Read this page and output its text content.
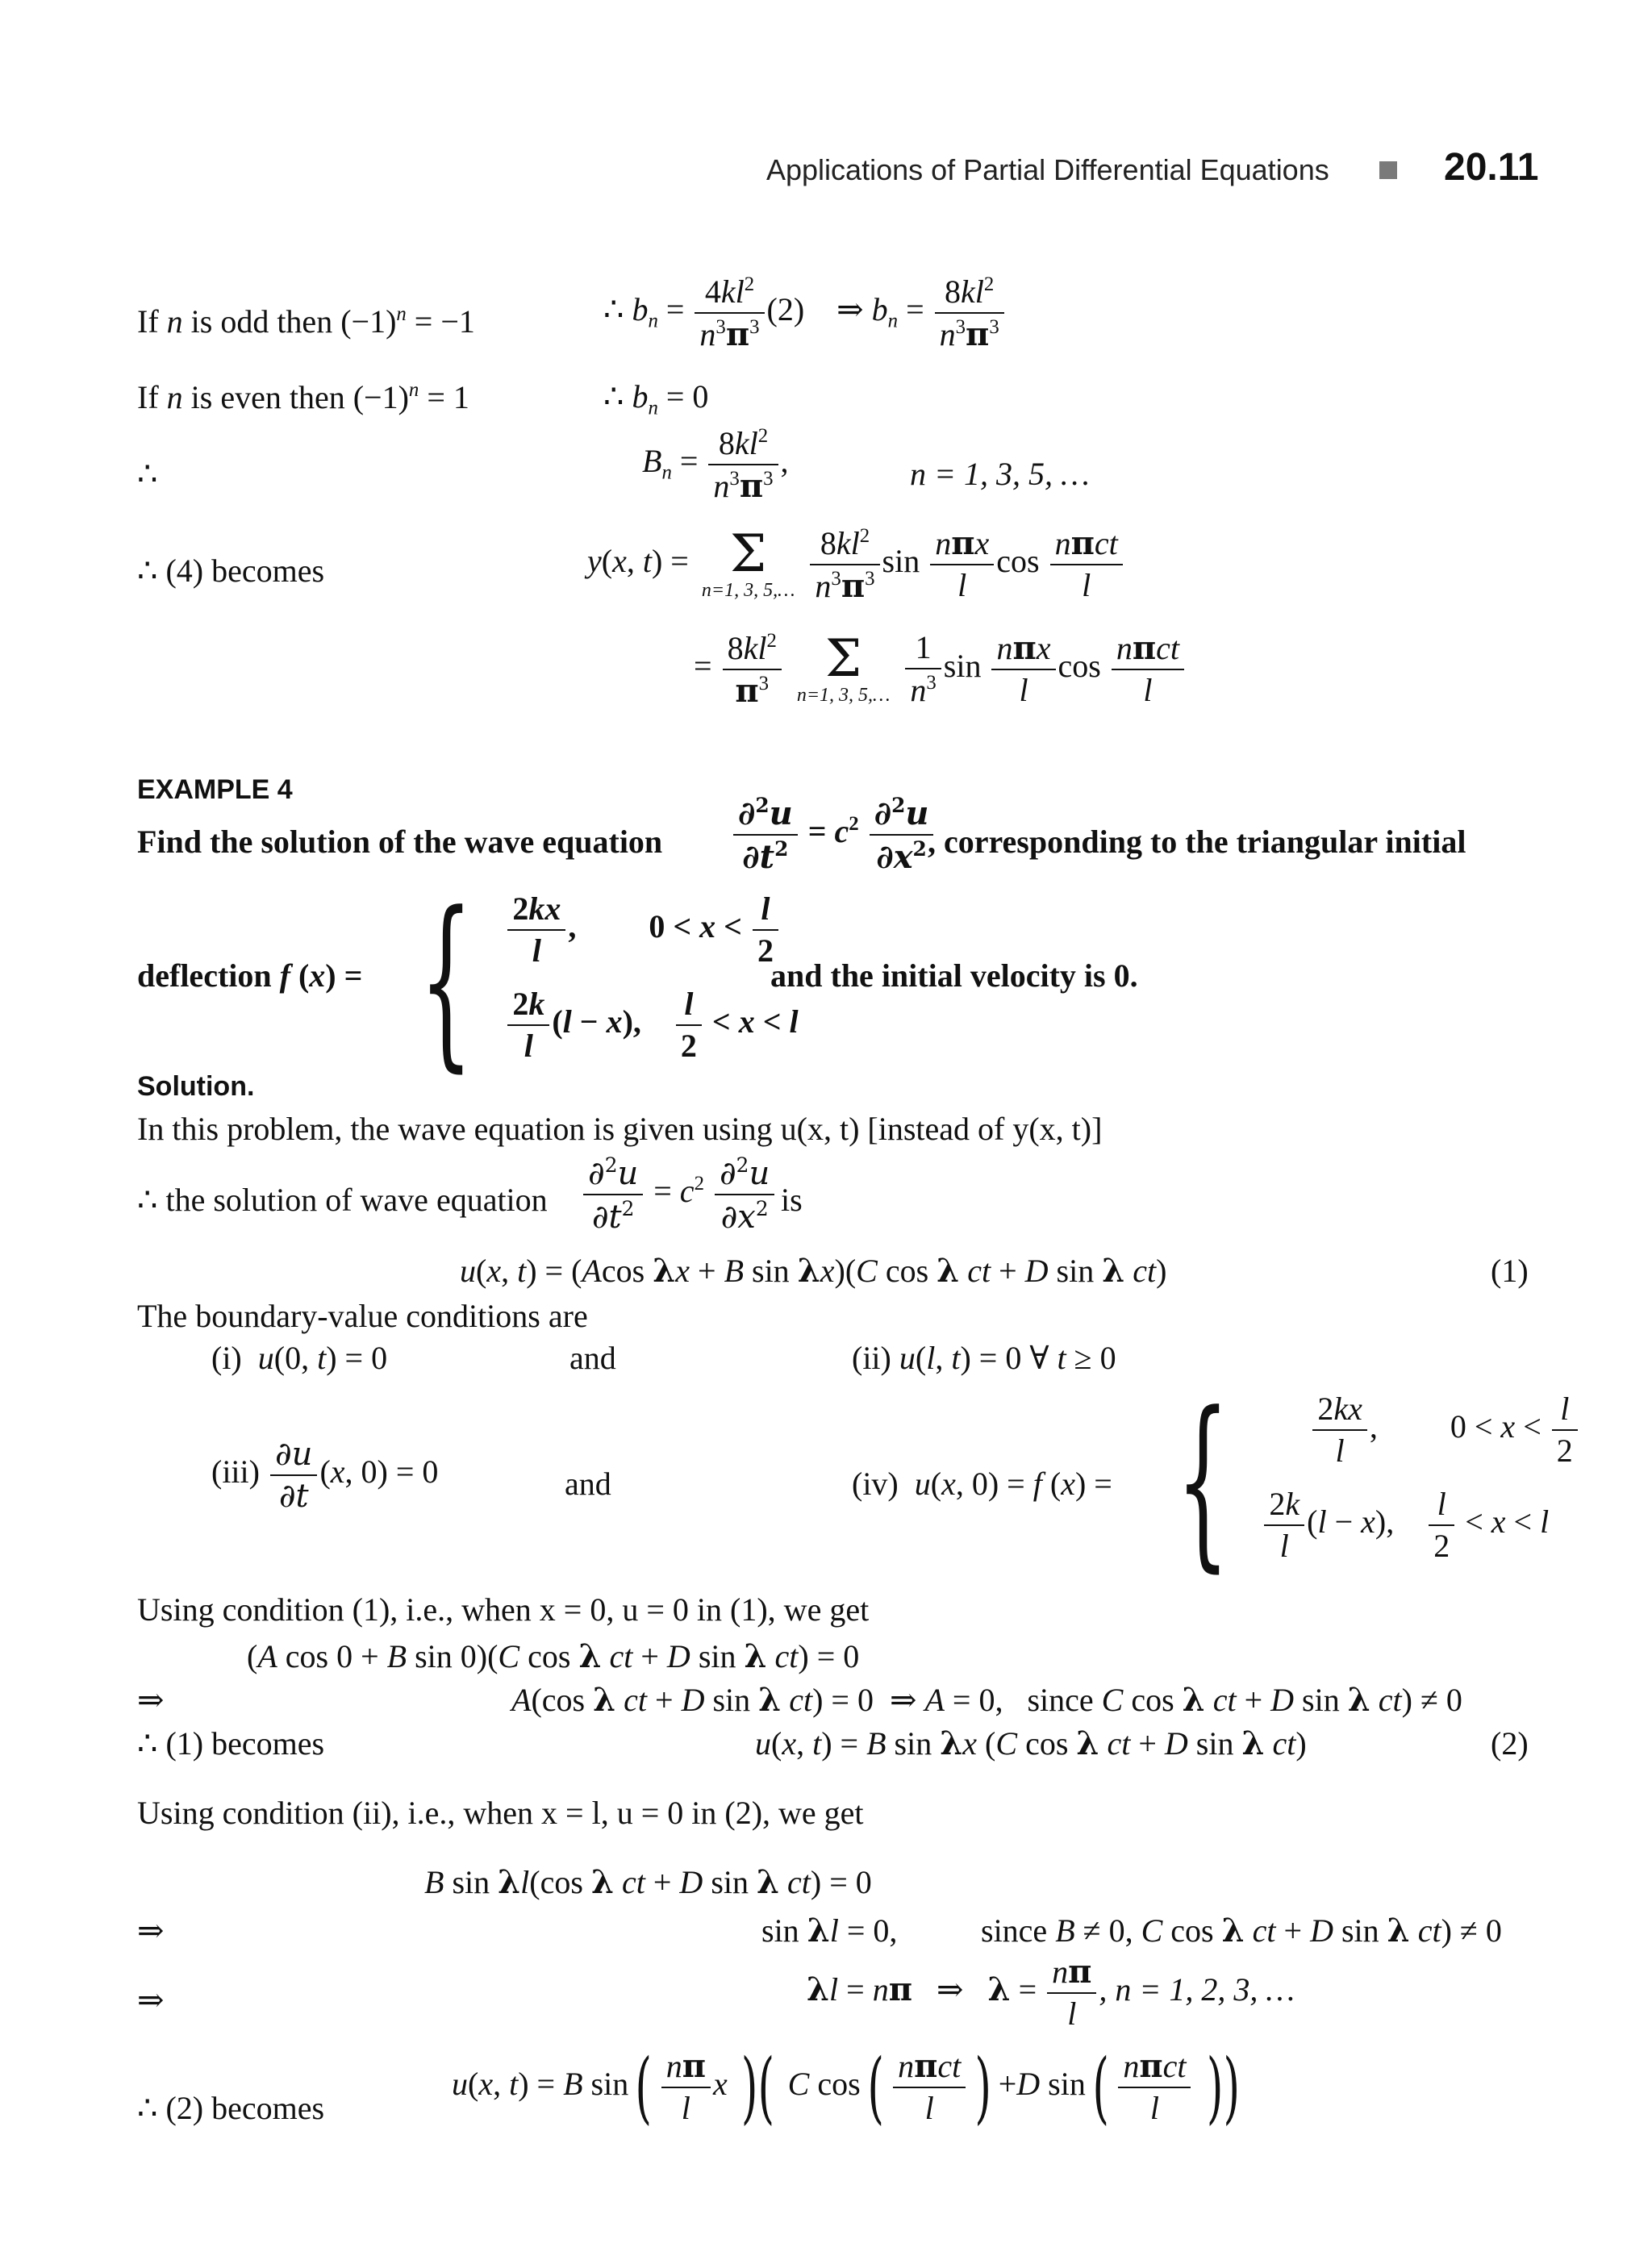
Applications of Partial Differential Equations	20.11
If n is odd then $(-1)^n = -1$	∴ $b_n = \frac{4kl^2}{n^3\pi^3} (2)$    ⇒ $b_n = \frac{8kl^2}{n^3\pi^3}$
If n is even then $(-1)^n = 1$	∴ $b_n = 0$
∴	$B_n = \frac{8kl^2}{n^3\pi^3}$ ,	n = 1, 3, 5, …
∴ (4) becomes	y(x, t) = Σ
n=1, 3, 5,…
$\frac{8kl^2}{n^3\pi^3}$ $\sin \frac{\text{nπx}}{l}$ $\cos \frac{\text{nπct}}{l}$
= $\frac{8kl^2}{\pi^3}$
Σ
n=1, 3, 5,…
$\frac{1}{n^3}$ $\sin \frac{\text{nπx}}{l}$ $\cos \frac{\text{nπct}}{l}$
EXAMPLE 4
Find the solution of the wave equation $\frac{\partial^2u}{\partial t^2} = c^2 \frac{\partial^2u}{\partial x^2}$
, corresponding to the triangular initial
deflection f (x) = { $\frac{2kx}{l}$ ,  $0 < x < \frac{l}{2}$
$\frac{2k}{l} (l - x)$, $\frac{l}{2} < x < l$
and the initial velocity is 0.
Solution.
In this problem, the wave equation is given using u(x, t) [instead of y(x, t)]
∴ the solution of wave equation $\frac{\partial^2u}{\partial t^2} = c^2 \frac{\partial^2u}{\partial x^2}$ is
u(x, t) = (Acos λx + B sin λx)(C cos λ ct + D sin λ ct)	(1)
The boundary-value conditions are
(i)  u(0, t) = 0	and	(ii) u(l, t) = 0 ∀ t ≥ 0
$(iii) \frac{\partial u}{\partial t} (x$, 0) = 0	and	(iv)  u(x, 0) = f (x) = {
	$\frac{2kx}{l}$ ,  $0 < x < \frac{l}{2}$
$\frac{2k}{l} (l - x)$, $\frac{l}{2} < x < l$
Using condition (1), i.e., when x = 0, u = 0 in (1), we get
(A cos 0 + B sin 0)(C cos λ ct + D sin λ ct) = 0
⇒	A(cos λ ct + D sin λ ct) = 0  ⇒ A = 0,   since C cos λ ct + D sin λ ct) ≠ 0
∴ (1) becomes	u(x, t) = B sin λx (C cos λ ct + D sin λ ct)	(2)
Using condition (ii), i.e., when x = l, u = 0 in (2), we get
B sin λl(cos λ ct + D sin λ ct) = 0
⇒	sin λl = 0,	since B ≠ 0, C cos λ ct + D sin λ ct) ≠ 0
⇒	λl = nπ ⇒ $\lambda = \frac{n\pi}{l}$ , n = 1, 2, 3, …
∴ (2) becomes
u(x, t) = B $\sin( \frac{n\pi}{l}$ x )( C $\cos( \frac{\text{nπct}}{l}$ ) +D $\sin( \frac{\text{nπct}}{l}$ ))
